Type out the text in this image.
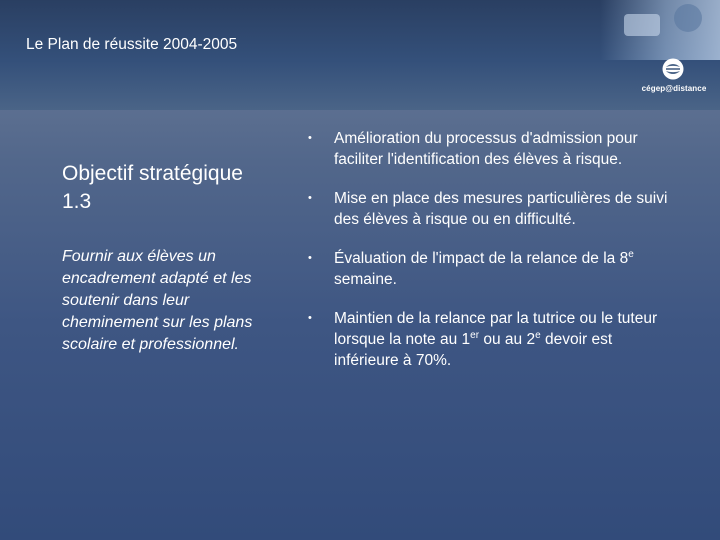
Le Plan de réussite 2004-2005
cégep@distance
Objectif stratégique 1.3

Fournir aux élèves un encadrement adapté et les soutenir dans leur cheminement sur les plans scolaire et professionnel.

• Amélioration du processus d'admission pour faciliter l'identification des élèves à risque.
• Mise en place des mesures particulières de suivi des élèves à risque ou en difficulté.
• Évaluation de l'impact de la relance de la 8e semaine.
• Maintien de la relance par la tutrice ou le tuteur lorsque la note au 1er ou au 2e devoir est inférieure à 70%.
